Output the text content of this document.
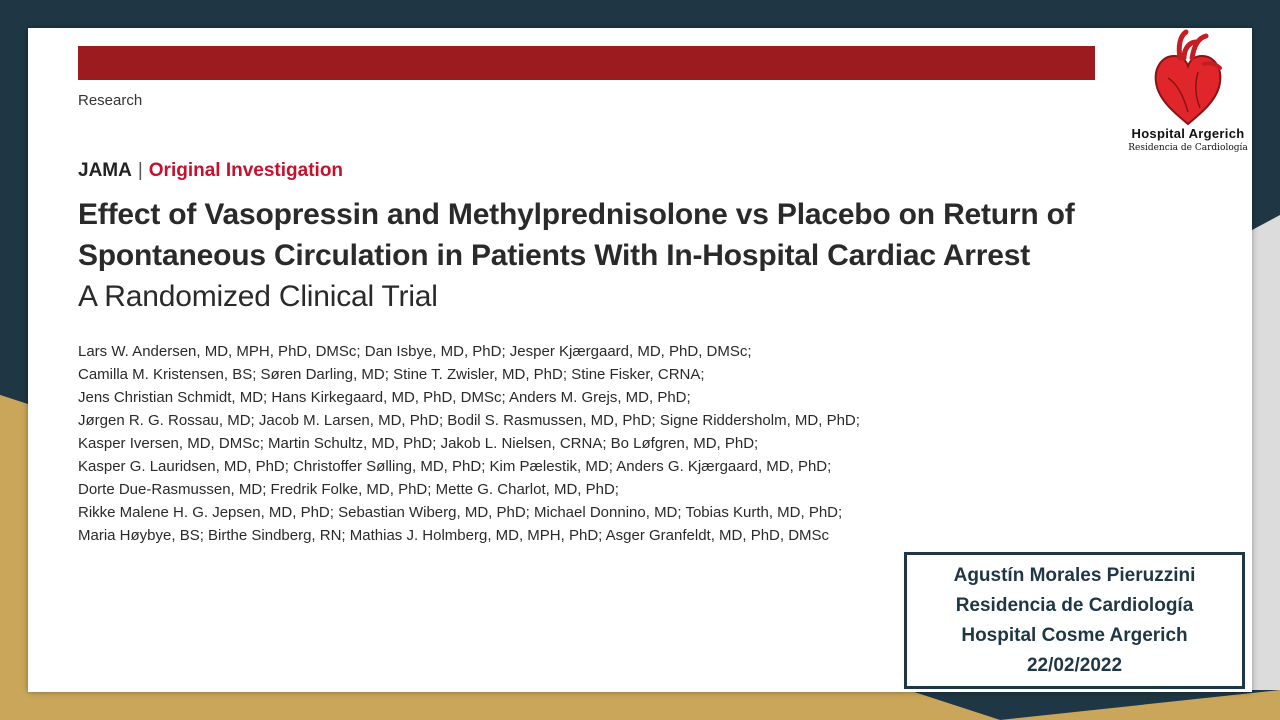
Research
JAMA | Original Investigation
Effect of Vasopressin and Methylprednisolone vs Placebo on Return of Spontaneous Circulation in Patients With In-Hospital Cardiac Arrest
A Randomized Clinical Trial
Lars W. Andersen, MD, MPH, PhD, DMSc; Dan Isbye, MD, PhD; Jesper Kjærgaard, MD, PhD, DMSc;
Camilla M. Kristensen, BS; Søren Darling, MD; Stine T. Zwisler, MD, PhD; Stine Fisker, CRNA;
Jens Christian Schmidt, MD; Hans Kirkegaard, MD, PhD, DMSc; Anders M. Grejs, MD, PhD;
Jørgen R. G. Rossau, MD; Jacob M. Larsen, MD, PhD; Bodil S. Rasmussen, MD, PhD; Signe Riddersholm, MD, PhD;
Kasper Iversen, MD, DMSc; Martin Schultz, MD, PhD; Jakob L. Nielsen, CRNA; Bo Løfgren, MD, PhD;
Kasper G. Lauridsen, MD, PhD; Christoffer Sølling, MD, PhD; Kim Pælestik, MD; Anders G. Kjærgaard, MD, PhD;
Dorte Due-Rasmussen, MD; Fredrik Folke, MD, PhD; Mette G. Charlot, MD, PhD;
Rikke Malene H. G. Jepsen, MD, PhD; Sebastian Wiberg, MD, PhD; Michael Donnino, MD; Tobias Kurth, MD, PhD;
Maria Høybye, BS; Birthe Sindberg, RN; Mathias J. Holmberg, MD, MPH, PhD; Asger Granfeldt, MD, PhD, DMSc
Hospital Argerich
Residencia de Cardiología
Agustín Morales Pieruzzini
Residencia de Cardiología
Hospital Cosme Argerich
22/02/2022
